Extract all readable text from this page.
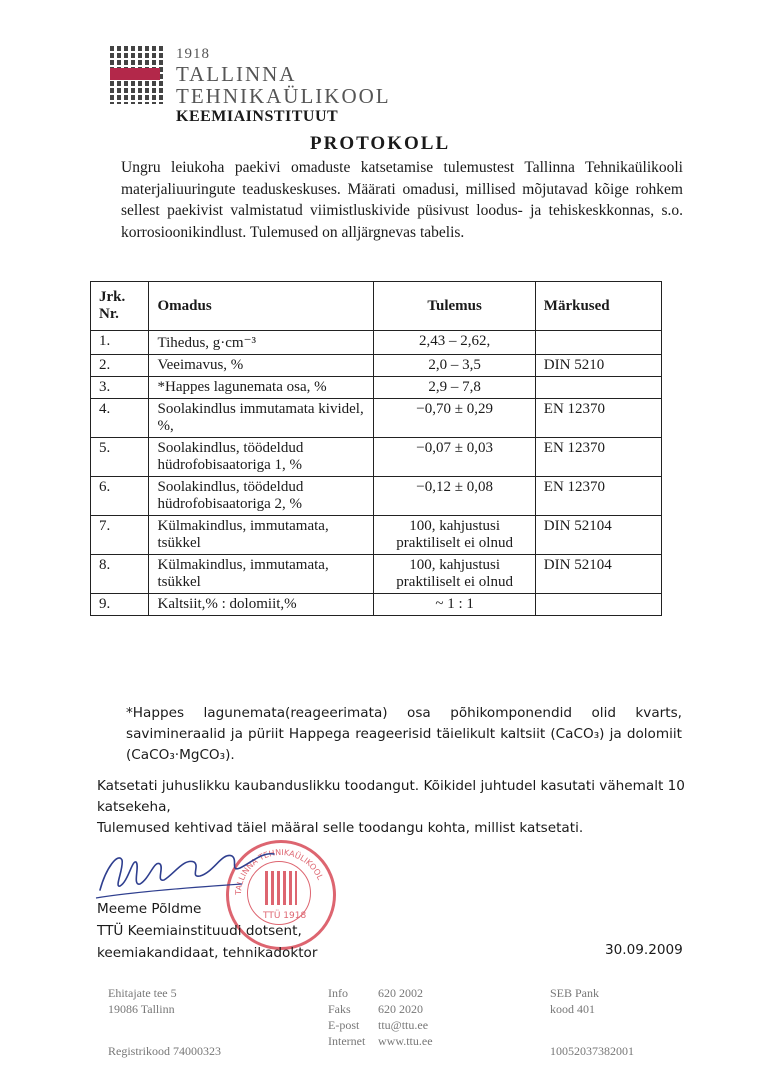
1918
TALLINNA
TEHNIKAÜLIKOOL
KEEMIAINSTITUUT
PROTOKOLL
Ungru leiukoha paekivi omaduste katsetamise tulemustest Tallinna Tehnikaülikooli materjaliuuringute teaduskeskuses. Määrati omadusi, millised mõjutavad kõige rohkem sellest paekivist valmistatud viimistluskivide püsivust loodus- ja tehiskeskkonnas, s.o. korrosioonikindlust. Tulemused on alljärgnevas tabelis.
Jrk. Nr.	Omadus	Tulemus	Märkused
1.	Tihedus, g·cm⁻³	2,43 – 2,62,	
2.	Veeimavus, %	2,0 – 3,5	DIN 5210
3.	*Happes lagunemata osa, %	2,9 – 7,8	
4.	Soolakindlus immutamata kividel, %,	−0,70 ± 0,29	EN 12370
5.	Soolakindlus, töödeldud hüdrofobisaatoriga 1, %	−0,07 ± 0,03	EN 12370
6.	Soolakindlus, töödeldud hüdrofobisaatoriga 2, %	−0,12 ± 0,08	EN 12370
7.	Külmakindlus, immutamata, tsükkel	100, kahjustusi praktiliselt ei olnud	DIN 52104
8.	Külmakindlus, immutamata, tsükkel	100, kahjustusi praktiliselt ei olnud	DIN 52104
9.	Kaltsiit,% : dolomiit,%	~ 1 : 1	
*Happes lagunemata(reageerimata) osa põhikomponendid olid kvarts, savimineraalid ja püriit Happega reageerisid täielikult kaltsiit (CaCO₃) ja dolomiit (CaCO₃·MgCO₃).
Katsetati juhuslikku kaubanduslikku toodangut. Kõikidel juhtudel kasutati vähemalt 10 katsekeha,
Tulemused kehtivad täiel määral selle toodangu kohta, millist katsetati.
TALLINNA TEHNIKAÜLIKOOL
TTÜ 1918
Meeme Põldme
TTÜ Keemiainstituudi dotsent,
keemiakandidaat, tehnikadoktor	30.09.2009
Ehitajate tee 5
19086 Tallinn
Registrikood 74000323
Info	620 2002
Faks	620 2020
E-post	ttu@ttu.ee
Internet	www.ttu.ee
SEB Pank
kood 401
10052037382001
